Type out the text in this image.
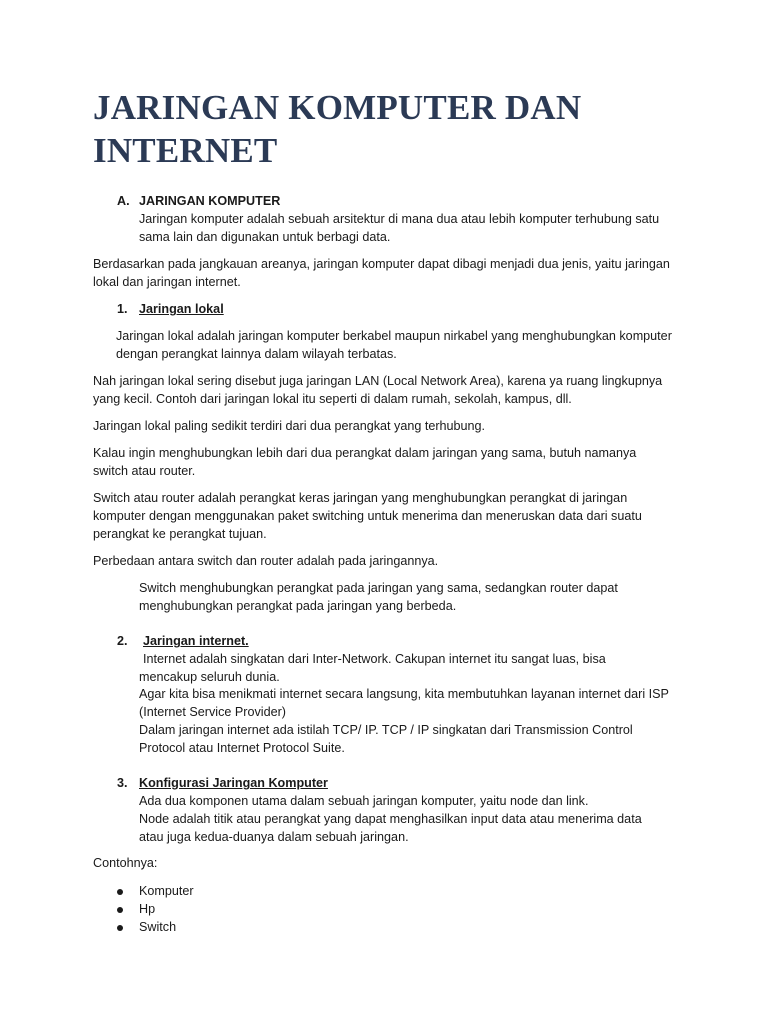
JARINGAN KOMPUTER DAN INTERNET
A. JARINGAN KOMPUTER

Jaringan komputer adalah sebuah arsitektur di mana dua atau lebih komputer terhubung satu sama lain dan digunakan untuk berbagi data.

Berdasarkan pada jangkauan areanya, jaringan komputer dapat dibagi menjadi dua jenis, yaitu jaringan lokal dan jaringan internet.

1. Jaringan lokal

Jaringan lokal adalah jaringan komputer berkabel maupun nirkabel yang menghubungkan komputer dengan perangkat lainnya dalam wilayah terbatas.

Nah jaringan lokal sering disebut juga jaringan LAN (Local Network Area), karena ya ruang lingkupnya yang kecil. Contoh dari jaringan lokal itu seperti di dalam rumah, sekolah, kampus, dll.

Jaringan lokal paling sedikit terdiri dari dua perangkat yang terhubung.

Kalau ingin menghubungkan lebih dari dua perangkat dalam jaringan yang sama, butuh namanya switch atau router.

Switch atau router adalah perangkat keras jaringan yang menghubungkan perangkat di jaringan komputer dengan menggunakan paket switching untuk menerima dan meneruskan data dari suatu perangkat ke perangkat tujuan.

Perbedaan antara switch dan router adalah pada jaringannya.

Switch menghubungkan perangkat pada jaringan yang sama, sedangkan router dapat menghubungkan perangkat pada jaringan yang berbeda.

2. Jaringan internet.

Internet adalah singkatan dari Inter-Network. Cakupan internet itu sangat luas, bisa mencakup seluruh dunia.

Agar kita bisa menikmati internet secara langsung, kita membutuhkan layanan internet dari ISP (Internet Service Provider)

Dalam jaringan internet ada istilah TCP/ IP. TCP / IP singkatan dari Transmission Control Protocol atau Internet Protocol Suite.

3. Konfigurasi Jaringan Komputer

Ada dua komponen utama dalam sebuah jaringan komputer, yaitu node dan link.

Node adalah titik atau perangkat yang dapat menghasilkan input data atau menerima data atau juga kedua-duanya dalam sebuah jaringan.

Contohnya:

Komputer
Hp
Switch
